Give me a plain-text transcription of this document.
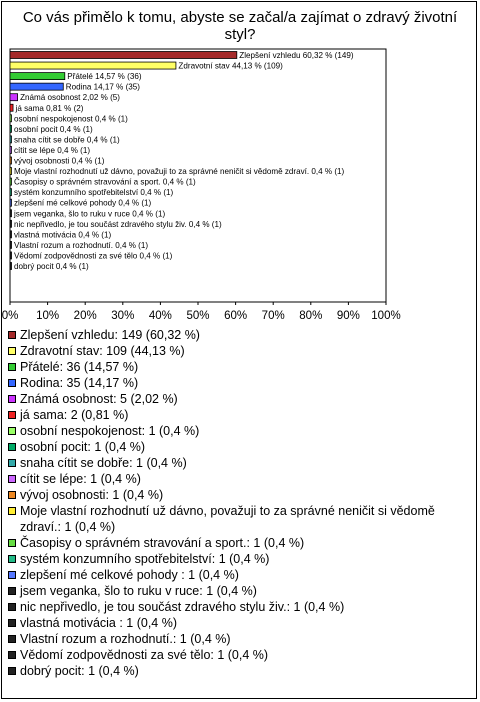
Co vás přimělo k tomu, abyste se začal/a zajímat o zdravý životní styl?
Zlepšení vzhledu 60,32 % (149)
Zdravotní stav 44,13 % (109)
Přátelé 14,57 % (36)
Rodina 14,17 % (35)
Známá osobnost 2,02 % (5)
já sama 0,81 % (2)
osobní nespokojenost 0,4 % (1)
osobní pocit 0,4 % (1)
snaha cítit se dobře 0,4 % (1)
cítit se lépe 0,4 % (1)
vývoj osobnosti 0,4 % (1)
Moje vlastní rozhodnutí už dávno, považuji to za správné neničit si vědomě zdraví. 0,4 % (1)
Časopisy o správném stravování a sport. 0,4 % (1)
systém konzumního spotřebitelství 0,4 % (1)
zlepšení mé celkové pohody 0,4 % (1)
jsem veganka, šlo to ruku v ruce 0,4 % (1)
nic nepřivedlo, je tou součást zdravého stylu živ. 0,4 % (1)
vlastná motivácia 0,4 % (1)
Vlastní rozum a rozhodnutí. 0,4 % (1)
Vědomí zodpovědnosti za své tělo 0,4 % (1)
dobrý pocit 0,4 % (1)
0% 10% 20% 30% 40% 50% 60% 70% 80% 90% 100%
Zlepšení vzhledu: 149 (60,32 %)
Zdravotní stav: 109 (44,13 %)
Přátelé: 36 (14,57 %)
Rodina: 35 (14,17 %)
Známá osobnost: 5 (2,02 %)
já sama: 2 (0,81 %)
osobní nespokojenost: 1 (0,4 %)
osobní pocit: 1 (0,4 %)
snaha cítit se dobře: 1 (0,4 %)
cítit se lépe: 1 (0,4 %)
vývoj osobnosti: 1 (0,4 %)
Moje vlastní rozhodnutí už dávno, považuji to za správné neničit si vědomě zdraví.: 1 (0,4 %)
Časopisy o správném stravování a sport.: 1 (0,4 %)
systém konzumního spotřebitelství: 1 (0,4 %)
zlepšení mé celkové pohody : 1 (0,4 %)
jsem veganka, šlo to ruku v ruce: 1 (0,4 %)
nic nepřivedlo, je tou součást zdravého stylu živ.: 1 (0,4 %)
vlastná motivácia : 1 (0,4 %)
Vlastní rozum a rozhodnutí.: 1 (0,4 %)
Vědomí zodpovědnosti za své tělo: 1 (0,4 %)
dobrý pocit: 1 (0,4 %)
